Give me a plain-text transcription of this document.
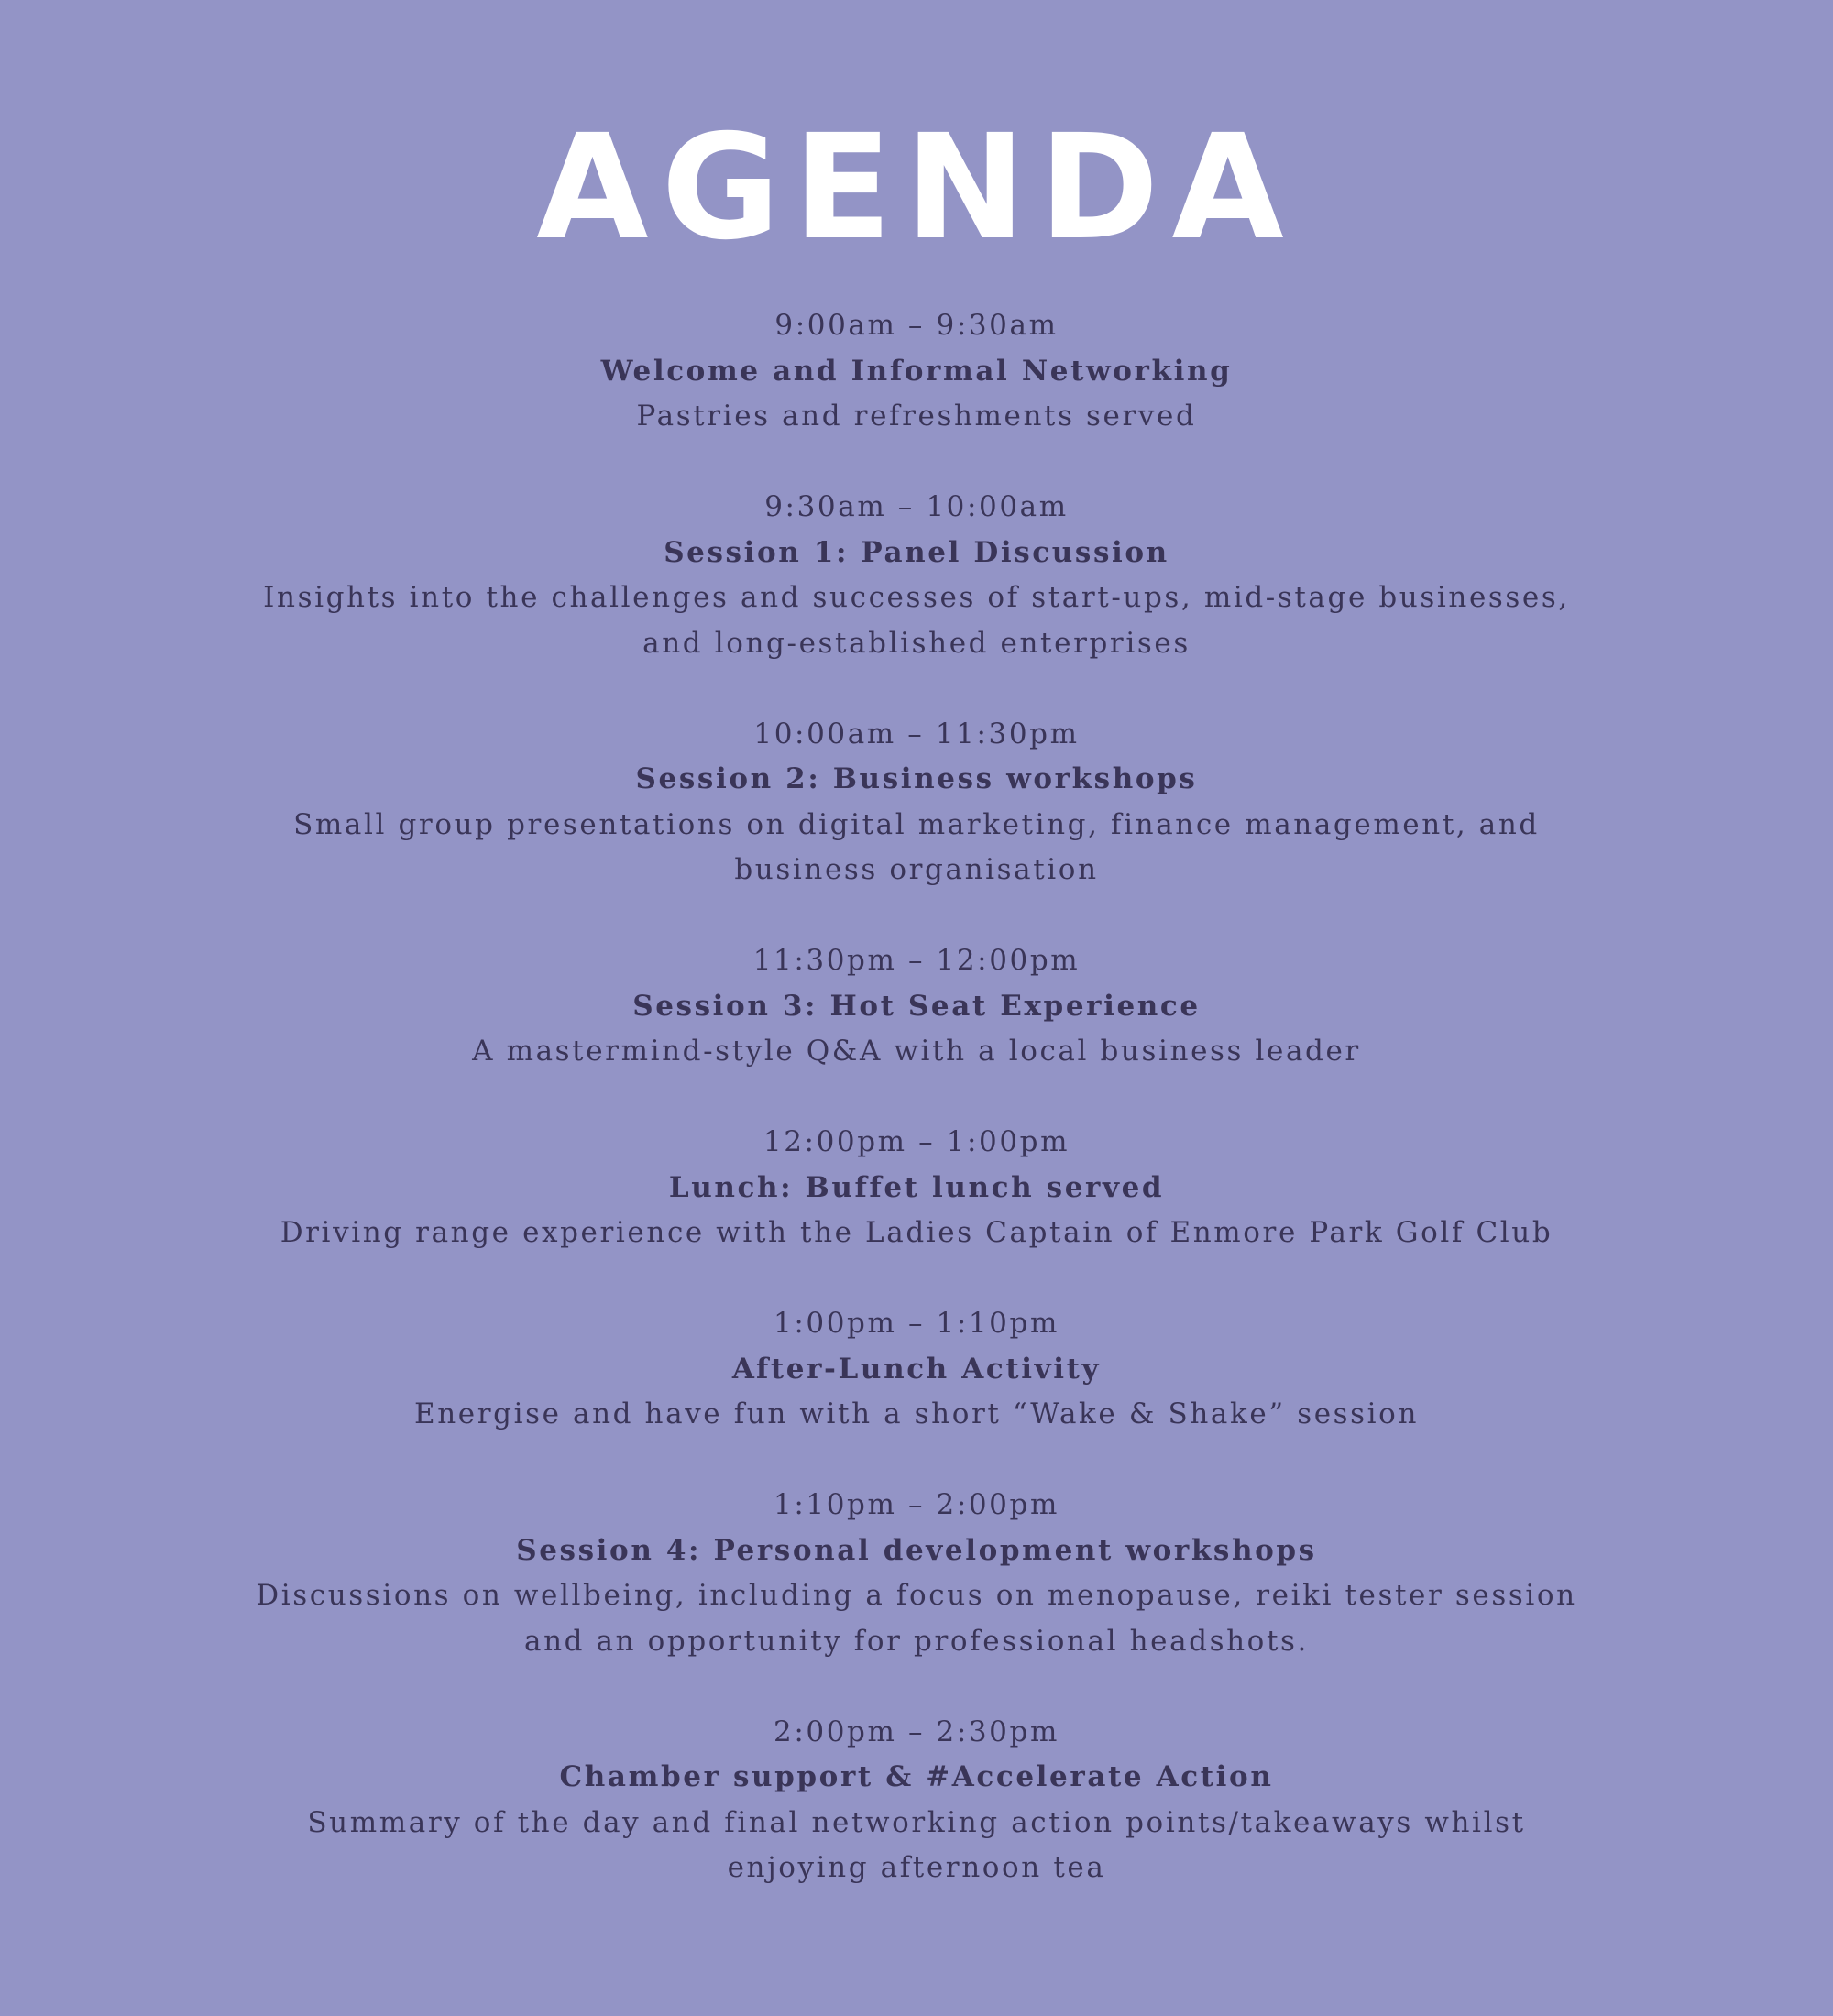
AGENDA
9:00am – 9:30am
Welcome and Informal Networking
Pastries and refreshments served
9:30am – 10:00am
Session 1: Panel Discussion
Insights into the challenges and successes of start-ups, mid-stage businesses,
and long-established enterprises
10:00am – 11:30pm
Session 2: Business workshops
Small group presentations on digital marketing, finance management, and
business organisation
11:30pm – 12:00pm
Session 3: Hot Seat Experience
A mastermind-style Q&A with a local business leader
12:00pm – 1:00pm
Lunch: Buffet lunch served
Driving range experience with the Ladies Captain of Enmore Park Golf Club
1:00pm – 1:10pm
After-Lunch Activity
Energise and have fun with a short “Wake & Shake” session
1:10pm – 2:00pm
Session 4: Personal development workshops
Discussions on wellbeing, including a focus on menopause, reiki tester session
and an opportunity for professional headshots.
2:00pm – 2:30pm
Chamber support & #Accelerate Action
Summary of the day and final networking action points/takeaways whilst
enjoying afternoon tea
